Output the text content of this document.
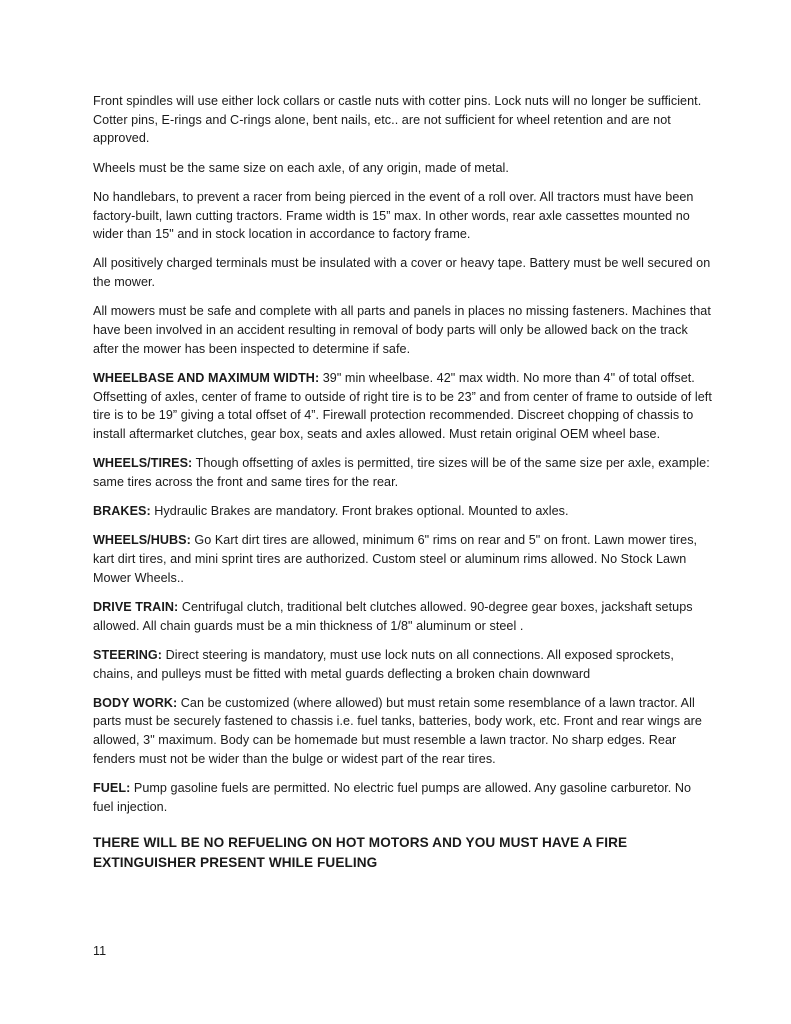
Front spindles will use either lock collars or castle nuts with cotter pins. Lock nuts will no longer be sufficient. Cotter pins, E-rings and C-rings alone, bent nails, etc.. are not sufficient for wheel retention and are not approved.

Wheels must be the same size on each axle, of any origin, made of metal.

No handlebars, to prevent a racer from being pierced in the event of a roll over. All tractors must have been factory-built, lawn cutting tractors. Frame width is 15” max. In other words, rear axle cassettes mounted no wider than 15" and in stock location in accordance to factory frame.

All positively charged terminals must be insulated with a cover or heavy tape. Battery must be well secured on the mower.

All mowers must be safe and complete with all parts and panels in places no missing fasteners. Machines that have been involved in an accident resulting in removal of body parts will only be allowed back on the track after the mower has been inspected to determine if safe.

WHEELBASE AND MAXIMUM WIDTH: 39" min wheelbase. 42" max width. No more than 4" of total offset. Offsetting of axles, center of frame to outside of right tire is to be 23” and from center of frame to outside of left tire is to be 19” giving a total offset of 4”. Firewall protection recommended. Discreet chopping of chassis to install aftermarket clutches, gear box, seats and axles allowed. Must retain original OEM wheel base.

WHEELS/TIRES: Though offsetting of axles is permitted, tire sizes will be of the same size per axle, example: same tires across the front and same tires for the rear.

BRAKES: Hydraulic Brakes are mandatory. Front brakes optional. Mounted to axles.

WHEELS/HUBS: Go Kart dirt tires are allowed, minimum 6" rims on rear and 5" on front. Lawn mower tires, kart dirt tires, and mini sprint tires are authorized. Custom steel or aluminum rims allowed. No Stock Lawn Mower Wheels..

DRIVE TRAIN: Centrifugal clutch, traditional belt clutches allowed. 90-degree gear boxes, jackshaft setups allowed. All chain guards must be a min thickness of 1/8" aluminum or steel .

STEERING: Direct steering is mandatory, must use lock nuts on all connections. All exposed sprockets, chains, and pulleys must be fitted with metal guards deflecting a broken chain downward

BODY WORK: Can be customized (where allowed) but must retain some resemblance of a lawn tractor. All parts must be securely fastened to chassis i.e. fuel tanks, batteries, body work, etc. Front and rear wings are allowed, 3" maximum. Body can be homemade but must resemble a lawn tractor. No sharp edges. Rear fenders must not be wider than the bulge or widest part of the rear tires.

FUEL: Pump gasoline fuels are permitted. No electric fuel pumps are allowed. Any gasoline carburetor. No fuel injection.

THERE WILL BE NO REFUELING ON HOT MOTORS AND YOU MUST HAVE A FIRE EXTINGUISHER PRESENT WHILE FUELING

11
